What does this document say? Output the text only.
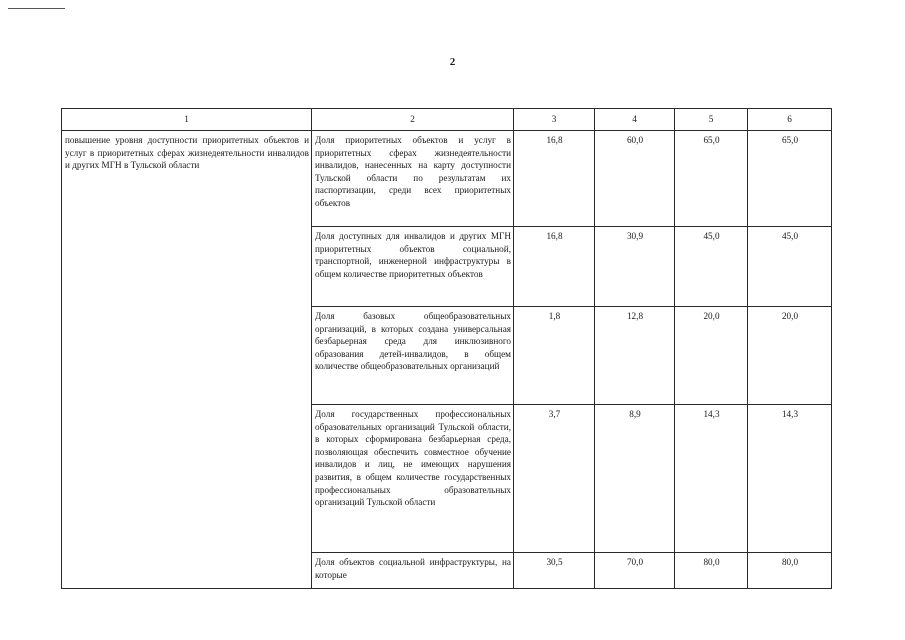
2
1	2	3	4	5	6
повышение уровня доступности приоритетных объектов и услуг в приоритетных сферах жизнедеятельности инвалидов и других МГН в Тульской области	Доля приоритетных объектов и услуг в приоритетных сферах жизнедеятельности инвалидов, нанесенных на карту доступности Тульской области по результатам их паспортизации, среди всех приоритетных объектов	16,8	60,0	65,0	65,0
	Доля доступных для инвалидов и других МГН приоритетных объектов социальной, транспортной, инженерной инфраструктуры в общем количестве приоритетных объектов	16,8	30,9	45,0	45,0
	Доля базовых общеобразовательных организаций, в которых создана универсальная безбарьерная среда для инклюзивного образования детей-инвалидов, в общем количестве общеобразовательных организаций	1,8	12,8	20,0	20,0
	Доля государственных профессиональных образовательных организаций Тульской области, в которых сформирована безбарьерная среда, позволяющая обеспечить совместное обучение инвалидов и лиц, не имеющих нарушения развития, в общем количестве государственных профессиональных образовательных организаций Тульской области	3,7	8,9	14,3	14,3
	Доля объектов социальной инфраструктуры, на которые	30,5	70,0	80,0	80,0
